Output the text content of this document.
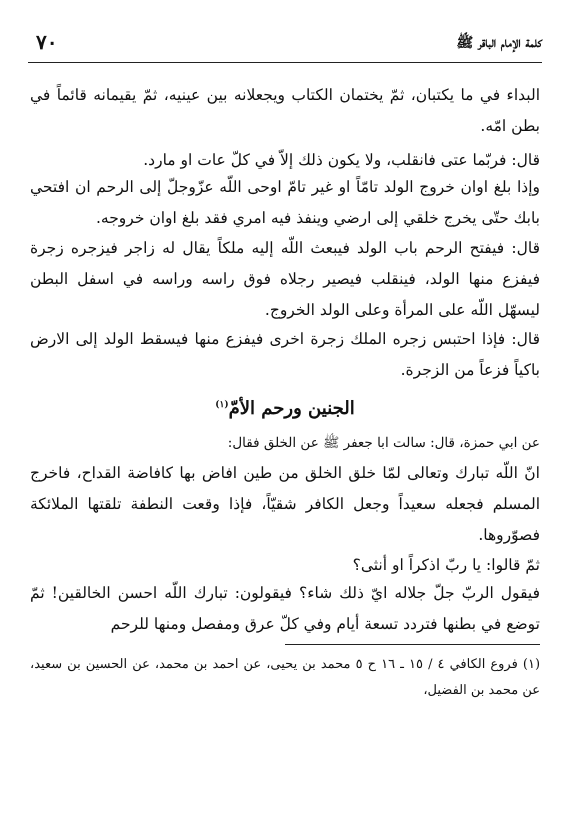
كلمة الإمام الباقر ﷺ
٧٠

البداء في ما يكتبان، ثمّ يختمان الكتاب ويجعلانه بين عينيه، ثمّ يقيمانه قائماً في بطن امّه.

قال: فربّما عتى فانقلب، ولا يكون ذلك إلاّ في كلّ عات او مارد.

وإذا بلغ اوان خروج الولد تامّاً او غير تامّ اوحى اللّه عزّوجلّ إلى الرحم ان افتحي بابك حتّى يخرج خلقي إلى ارضي وينفذ فيه امري فقد بلغ اوان خروجه.

قال: فيفتح الرحم باب الولد فيبعث اللّه إليه ملكاً يقال له زاجر فيزجره زجرة فيفزع منها الولد، فينقلب فيصير رجلاه فوق راسه وراسه في اسفل البطن ليسهّل اللّه على المرأة وعلى الولد الخروج.

قال: فإذا احتبس زجره الملك زجرة اخرى فيفزع منها فيسقط الولد إلى الارض باكياً فزعاً من الزجرة.

الجنين ورحم الأمّ$^{(١)}$

عن ابي حمزة، قال: سالت ابا جعفر ﷺ عن الخلق فقال:

انّ اللّه تبارك وتعالى لمّا خلق الخلق من طين افاض بها كافاضة القداح، فاخرج المسلم فجعله سعيداً وجعل الكافر شقيّاً، فإذا وقعت النطفة تلقتها الملائكة فصوّروها.

ثمّ قالوا: يا ربّ اذكراً او أنثى؟

فيقول الربّ جلّ جلاله ايّ ذلك شاء؟ فيقولون: تبارك اللّه احسن الخالقين! ثمّ توضع في بطنها فتردد تسعة أيام وفي كلّ عرق ومفصل ومنها للرحم

(١) فروع الكافي ٤ / ١٥ ـ ١٦ ح ٥ محمد بن يحيى، عن احمد بن محمد، عن الحسين بن سعيد، عن محمد بن الفضيل،
